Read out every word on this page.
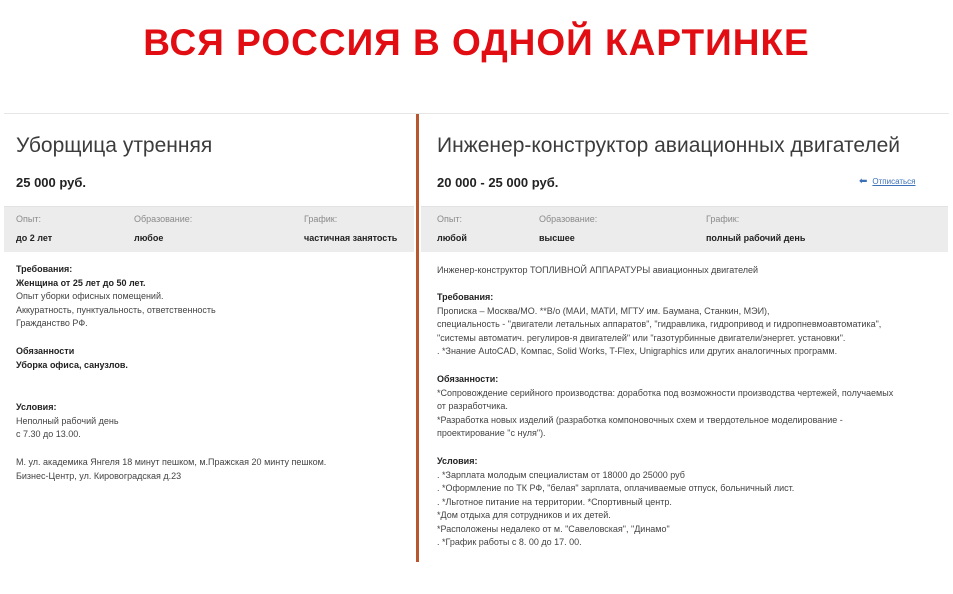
ВСЯ РОССИЯ В ОДНОЙ КАРТИНКЕ
Уборщица утренняя
25 000 руб.
Опыт:
до 2 лет
Образование:
любое
График:
частичная занятость
Требования:
Женщина от 25 лет до 50 лет.
Опыт уборки офисных помещений.
Аккуратность, пунктуальность, ответственность
Гражданство РФ.
Обязанности
Уборка офиса, санузлов.
Условия:
Неполный рабочий день
с 7.30 до 13.00.
М. ул. академика Янгеля 18 минут пешком, м.Пражская 20 минту пешком.
Бизнес-Центр, ул. Кировоградская д.23
Инженер-конструктор авиационных двигателей
20 000 - 25 000 руб.	⬅ Отписаться
Опыт:
любой
Образование:
высшее
График:
полный рабочий день
Инженер-конструктор ТОПЛИВНОЙ АППАРАТУРЫ авиационных двигателей
Требования:
Прописка – Москва/МО. **В/о (МАИ, МАТИ, МГТУ им. Баумана, Станкин, МЭИ),
специальность - "двигатели летальных аппаратов", "гидравлика, гидропривод и гидропневмоавтоматика",
"системы автоматич. регулиров-я двигателей" или "газотурбинные двигатели/энергет. установки".
. *Знание AutoCAD, Компас, Solid Works, T-Flex, Unigraphics или других аналогичных программ.
Обязанности:
*Сопровождение серийного производства: доработка под возможности производства чертежей, получаемых
от разработчика.
*Разработка новых изделий (разработка компоновочных схем и твердотельное моделирование -
проектирование "с нуля").
Условия:
. *Зарплата молодым специалистам от 18000 до 25000 руб
. *Оформление по ТК РФ, "белая" зарплата, оплачиваемые отпуск, больничный лист.
. *Льготное питание на территории. *Спортивный центр.
*Дом отдыха для сотрудников и их детей.
*Расположены недалеко от м. "Савеловская", "Динамо"
. *График работы с 8. 00 до 17. 00.
